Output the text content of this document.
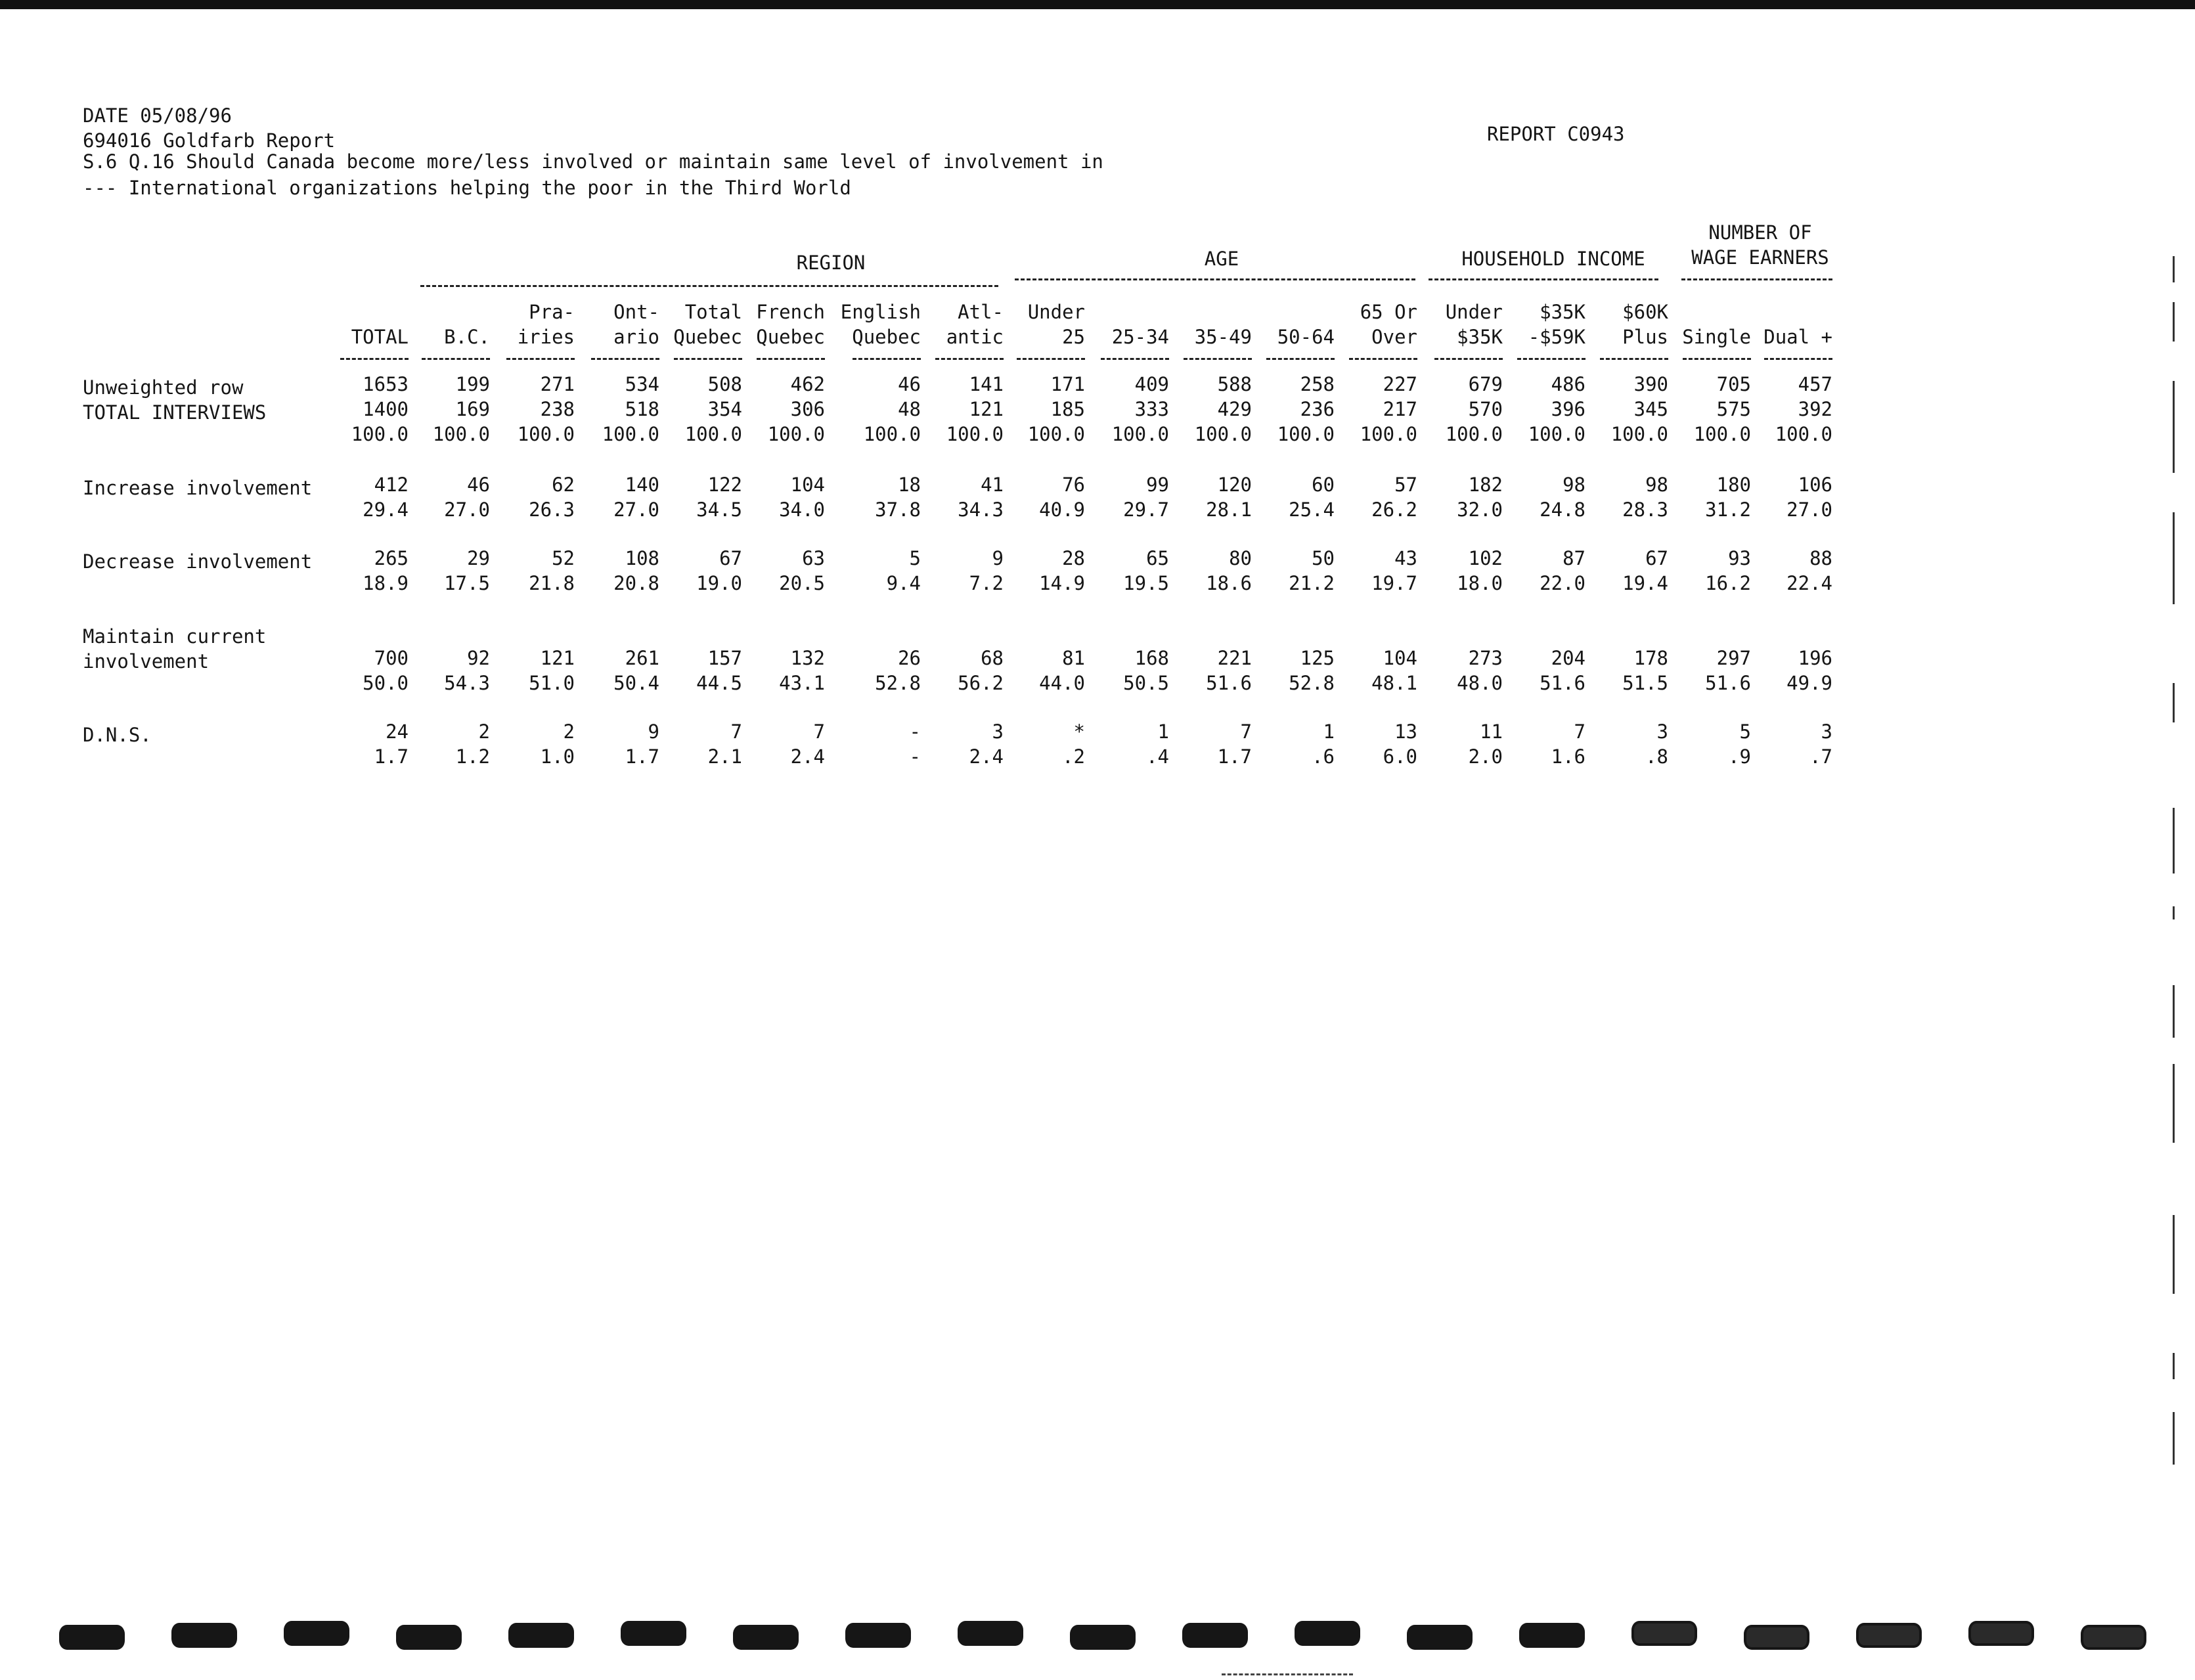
DATE 05/08/96
694016 Goldfarb Report
S.6 Q.16 Should Canada become more/less involved or maintain same level of involvement in
--- International organizations helping the poor in the Third World
REPORT C0943
REGION	AGE	HOUSEHOLD INCOME
NUMBER OF
WAGE EARNERS
Unweighted row
TOTAL INTERVIEWS
Increase involvement
Decrease involvement
Maintain current
involvement
D.N.S.
TOTAL
1653
1400
100.0
412
29.4
265
18.9
700
50.0
24
1.7
B.C.
199
169
100.0
46
27.0
29
17.5
92
54.3
2
1.2
Pra-
iries
271
238
100.0
62
26.3
52
21.8
121
51.0
2
1.0
Ont-
ario
534
518
100.0
140
27.0
108
20.8
261
50.4
9
1.7
Total
Quebec
508
354
100.0
122
34.5
67
19.0
157
44.5
7
2.1
French
Quebec
462
306
100.0
104
34.0
63
20.5
132
43.1
7
2.4
English
Quebec
46
48
100.0
18
37.8
5
9.4
26
52.8
-
-
Atl-
antic
141
121
100.0
41
34.3
9
7.2
68
56.2
3
2.4
Under
25
171
185
100.0
76
40.9
28
14.9
81
44.0
*
.2
25-34
409
333
100.0
99
29.7
65
19.5
168
50.5
1
.4
35-49
588
429
100.0
120
28.1
80
18.6
221
51.6
7
1.7
50-64
258
236
100.0
60
25.4
50
21.2
125
52.8
1
.6
65 Or
Over
227
217
100.0
57
26.2
43
19.7
104
48.1
13
6.0
Under
$35K
679
570
100.0
182
32.0
102
18.0
273
48.0
11
2.0
$35K
-$59K
486
396
100.0
98
24.8
87
22.0
204
51.6
7
1.6
$60K
Plus
390
345
100.0
98
28.3
67
19.4
178
51.5
3
.8
Single
705
575
100.0
180
31.2
93
16.2
297
51.6
5
.9
Dual +
457
392
100.0
106
27.0
88
22.4
196
49.9
3
.7
